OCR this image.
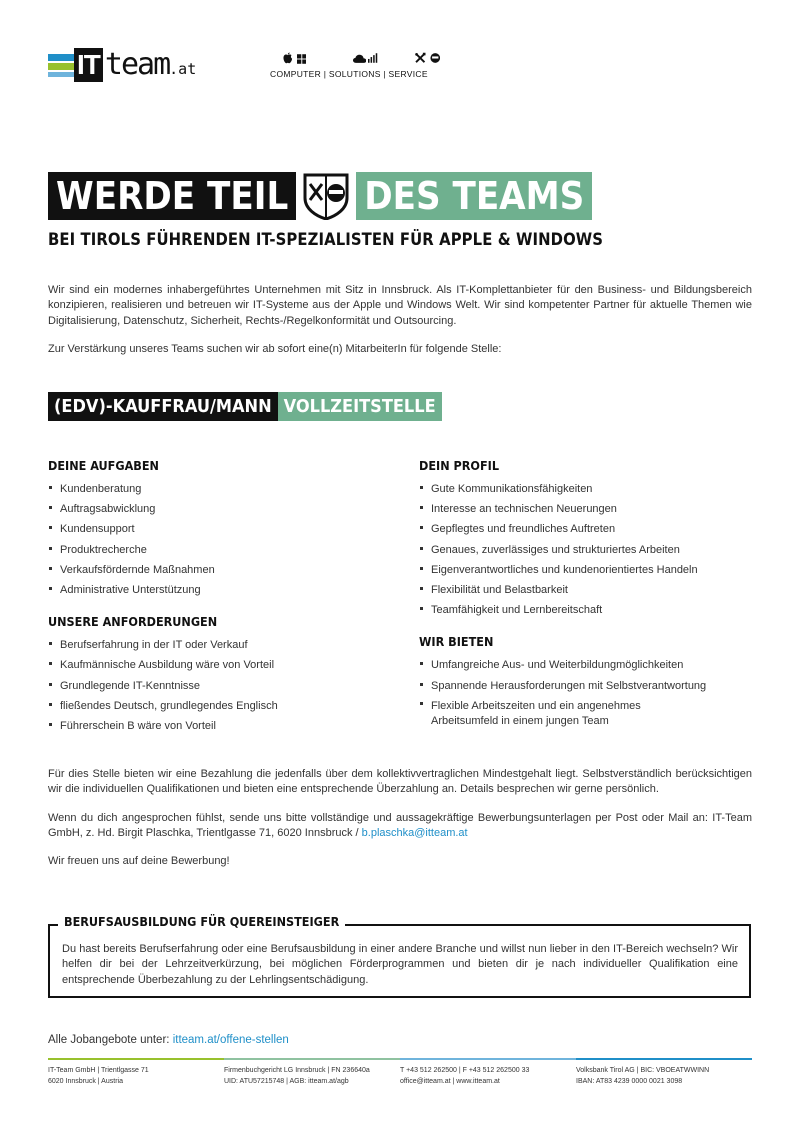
IT team .at	COMPUTER | SOLUTIONS | SERVICE
WERDE TEIL DES TEAMS
BEI TIROLS FÜHRENDEN IT-SPEZIALISTEN FÜR APPLE & WINDOWS
Wir sind ein modernes inhabergeführtes Unternehmen mit Sitz in Innsbruck. Als IT-Komplettanbieter für den Business- und Bildungsbereich konzipieren, realisieren und betreuen wir IT-Systeme aus der Apple und Windows Welt. Wir sind kompetenter Partner für aktuelle Themen wie Digitalisierung, Datenschutz, Sicherheit, Rechts-/Regelkonformität und Outsourcing.
Zur Verstärkung unseres Teams suchen wir ab sofort eine(n) MitarbeiterIn für folgende Stelle:
(EDV)-KAUFFRAU/MANN VOLLZEITSTELLE
DEINE AUFGABEN
Kundenberatung
Auftragsabwicklung
Kundensupport
Produktrecherche
Verkaufsfördernde Maßnahmen
Administrative Unterstützung
UNSERE ANFORDERUNGEN
Berufserfahrung in der IT oder Verkauf
Kaufmännische Ausbildung wäre von Vorteil
Grundlegende IT-Kenntnisse
fließendes Deutsch, grundlegendes Englisch
Führerschein B wäre von Vorteil
DEIN PROFIL
Gute Kommunikationsfähigkeiten
Interesse an technischen Neuerungen
Gepflegtes und freundliches Auftreten
Genaues, zuverlässiges und strukturiertes Arbeiten
Eigenverantwortliches und kundenorientiertes Handeln
Flexibilität und Belastbarkeit
Teamfähigkeit und Lernbereitschaft
WIR BIETEN
Umfangreiche Aus- und Weiterbildungmöglichkeiten
Spannende Herausforderungen mit Selbstverantwortung
Flexible Arbeitszeiten und ein angenehmes Arbeitsumfeld in einem jungen Team
Für dies Stelle bieten wir eine Bezahlung die jedenfalls über dem kollektivvertraglichen Mindestgehalt liegt. Selbstverständlich berücksichtigen wir die individuellen Qualifikationen und bieten eine entsprechende Überzahlung an. Details besprechen wir gerne persönlich.
Wenn du dich angesprochen fühlst, sende uns bitte vollständige und aussagekräftige Bewerbungsunterlagen per Post oder Mail an: IT-Team GmbH, z. Hd. Birgit Plaschka, Trientlgasse 71, 6020 Innsbruck / b.plaschka@itteam.at
Wir freuen uns auf deine Bewerbung!
BERUFSAUSBILDUNG FÜR QUEREINSTEIGER
Du hast bereits Berufserfahrung oder eine Berufsausbildung in einer andere Branche und willst nun lieber in den IT-Bereich wechseln? Wir helfen dir bei der Lehrzeitverkürzung, bei möglichen Förderprogrammen und bieten dir je nach individueller Qualifikation eine entsprechende Überbezahlung zu der Lehrlingsentschädigung.
Alle Jobangebote unter: itteam.at/offene-stellen
IT-Team GmbH | Trientlgasse 71
6020 Innsbruck | Austria
Firmenbuchgericht LG Innsbruck | FN 236640a
UID: ATU57215748 | AGB: itteam.at/agb
T +43 512 262500 | F +43 512 262500 33
office@itteam.at | www.itteam.at
Volksbank Tirol AG | BIC: VBOEATWWINN
IBAN: AT83 4239 0000 0021 3098
